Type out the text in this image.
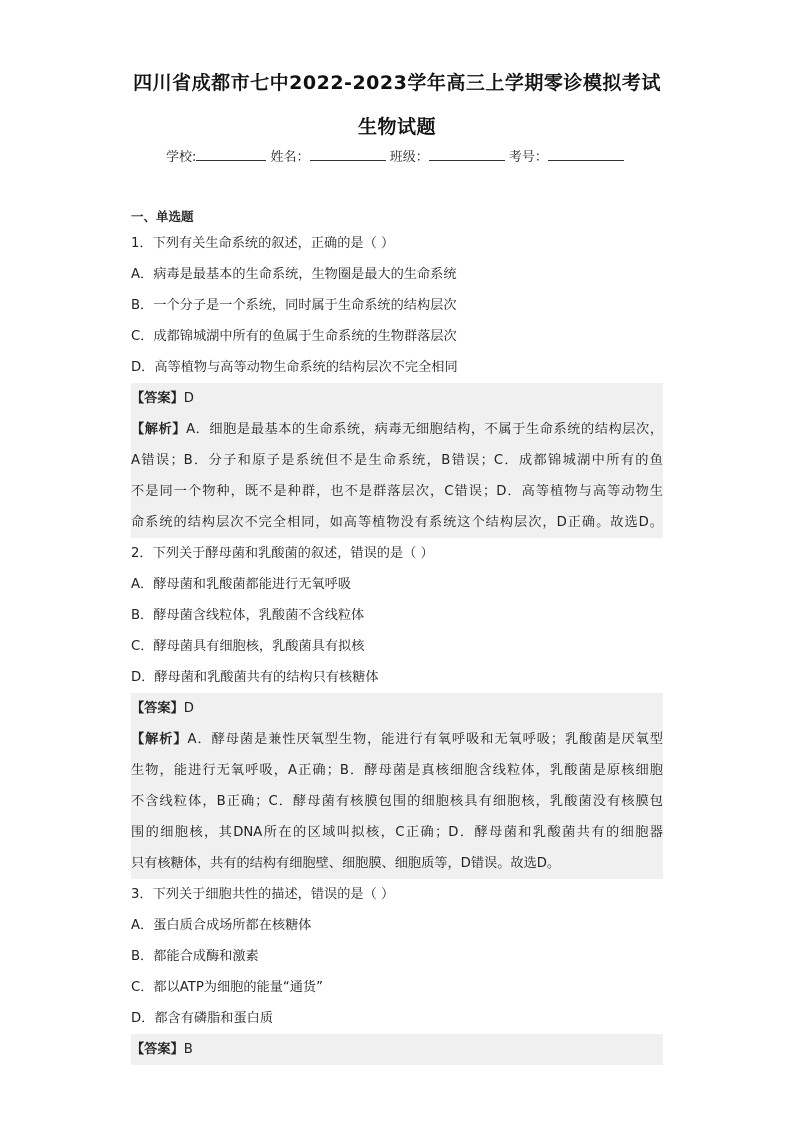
四川省成都市七中2022-2023学年高三上学期零诊模拟考试
生物试题
学校:	姓名：	班级：	考号：
一、单选题
1．下列有关生命系统的叙述，正确的是（ ）
A．病毒是最基本的生命系统，生物圈是最大的生命系统
B．一个分子是一个系统，同时属于生命系统的结构层次
C．成都锦城湖中所有的鱼属于生命系统的生物群落层次
D．高等植物与高等动物生命系统的结构层次不完全相同
【答案】D
【解析】A．细胞是最基本的生命系统，病毒无细胞结构，不属于生命系统的结构层次，
A错误；B．分子和原子是系统但不是生命系统，B错误；C．成都锦城湖中所有的鱼
不是同一个物种，既不是种群，也不是群落层次，C错误；D．高等植物与高等动物生
命系统的结构层次不完全相同，如高等植物没有系统这个结构层次，D正确。故选D。
2．下列关于酵母菌和乳酸菌的叙述，错误的是（ ）
A．酵母菌和乳酸菌都能进行无氧呼吸
B．酵母菌含线粒体，乳酸菌不含线粒体
C．酵母菌具有细胞核，乳酸菌具有拟核
D．酵母菌和乳酸菌共有的结构只有核糖体
【答案】D
【解析】A．酵母菌是兼性厌氧型生物，能进行有氧呼吸和无氧呼吸；乳酸菌是厌氧型
生物，能进行无氧呼吸，A正确；B．酵母菌是真核细胞含线粒体，乳酸菌是原核细胞
不含线粒体，B正确；C．酵母菌有核膜包围的细胞核具有细胞核，乳酸菌没有核膜包
围的细胞核，其DNA所在的区域叫拟核，C正确；D．酵母菌和乳酸菌共有的细胞器
只有核糖体，共有的结构有细胞壁、细胞膜、细胞质等，D错误。故选D。
3．下列关于细胞共性的描述，错误的是（ ）
A．蛋白质合成场所都在核糖体
B．都能合成酶和激素
C．都以ATP为细胞的能量“通货”
D．都含有磷脂和蛋白质
【答案】B
